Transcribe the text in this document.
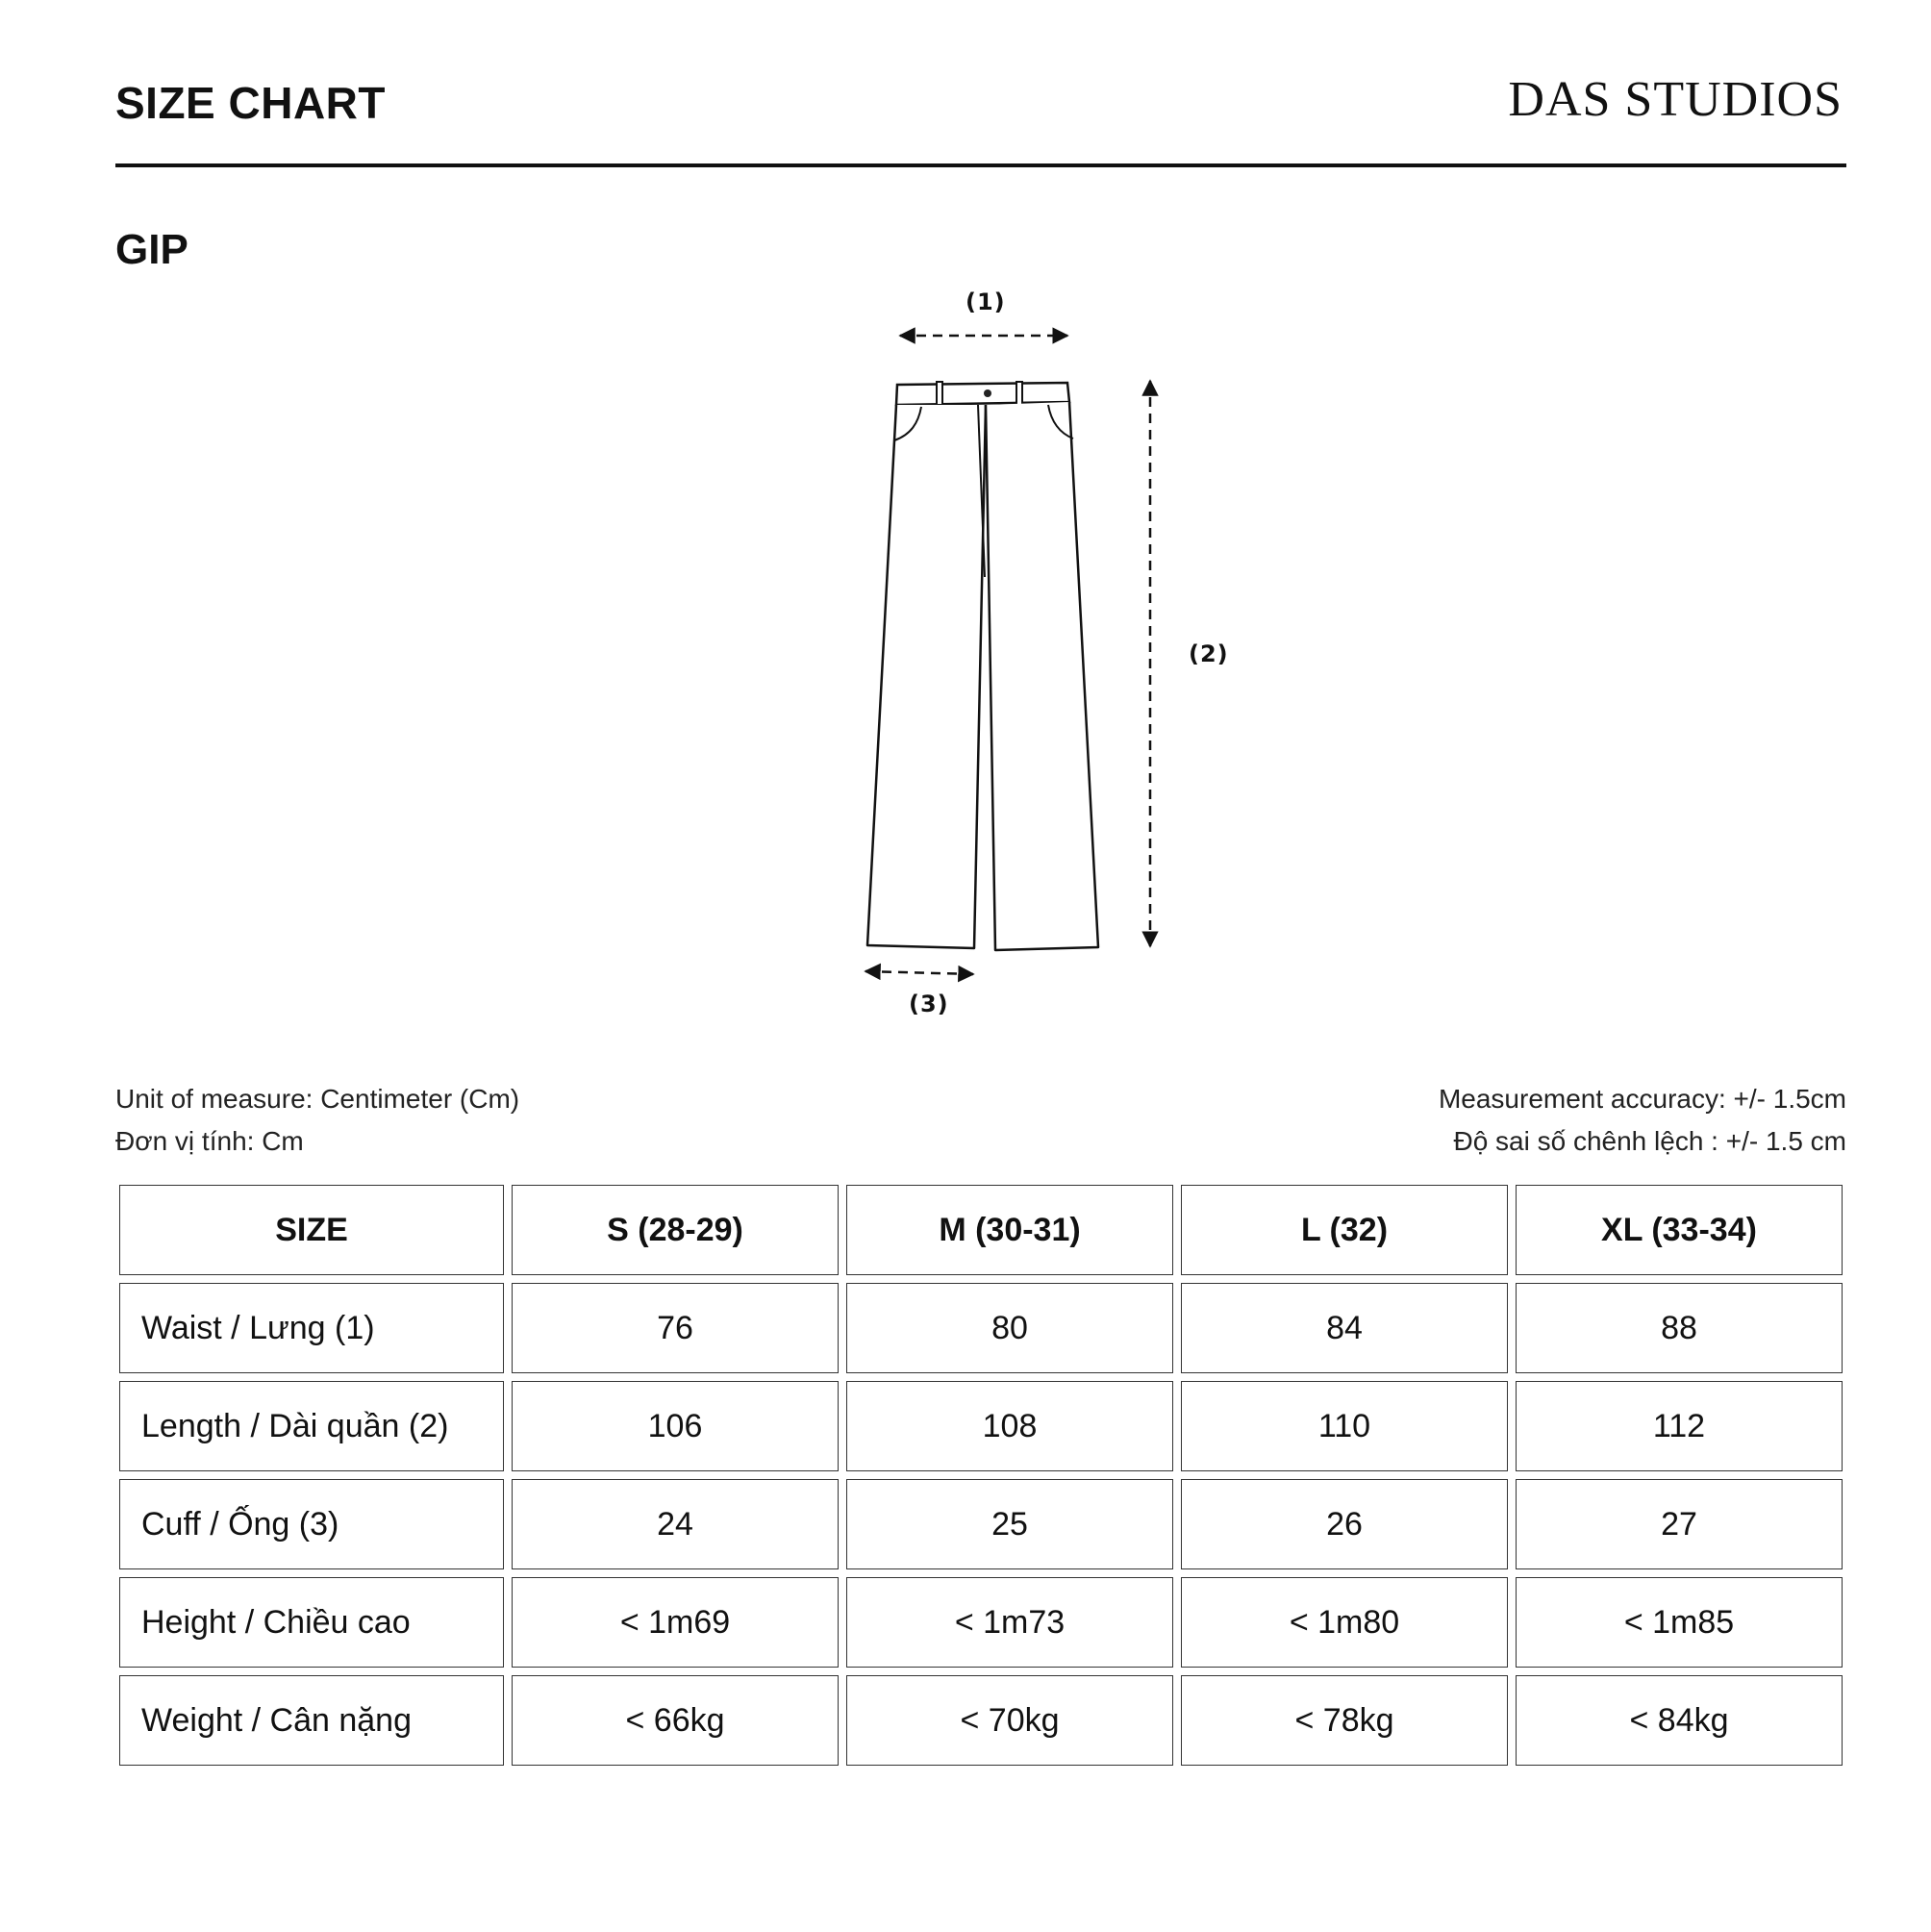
SIZE CHART	DAS STUDIOS
GIP
(1)
(2)
(3)
Unit of measure: Centimeter (Cm)
Đơn vị tính: Cm
Measurement accuracy: +/- 1.5cm
Độ sai số chênh lệch : +/- 1.5 cm
SIZE	S (28-29)	M (30-31)	L (32)	XL (33-34)
Waist / Lưng (1)	76	80	84	88
Length / Dài quần (2)	106	108	110	112
Cuff / Ống (3)	24	25	26	27
Height / Chiều cao	< 1m69	< 1m73	< 1m80	< 1m85
Weight / Cân nặng	< 66kg	< 70kg	< 78kg	< 84kg
